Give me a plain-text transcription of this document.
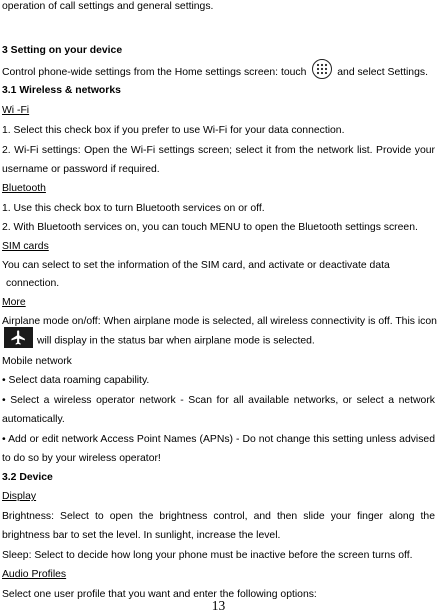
operation of call settings and general settings.
3 Setting on your device
Control phone-wide settings from the Home settings screen: touch	and select Settings.
3.1 Wireless & networks
Wi -Fi
1. Select this check box if you prefer to use Wi-Fi for your data connection.
2. Wi-Fi settings: Open the Wi-Fi settings screen; select it from the network list. Provide your
username or password if required.
Bluetooth
1. Use this check box to turn Bluetooth services on or off.
2. With Bluetooth services on, you can touch MENU to open the Bluetooth settings screen.
SIM cards
You can select to set the information of the SIM card, and activate or deactivate data
connection.
More
Airplane mode on/off: When airplane mode is selected, all wireless connectivity is off. This icon
will display in the status bar when airplane mode is selected.
Mobile network
• Select data roaming capability.
• Select a wireless operator network - Scan for all available networks, or select a network
automatically.
• Add or edit network Access Point Names (APNs) - Do not change this setting unless advised
to do so by your wireless operator!
3.2 Device
Display
Brightness: Select to open the brightness control, and then slide your finger along the
brightness bar to set the level. In sunlight, increase the level.
Sleep: Select to decide how long your phone must be inactive before the screen turns off.
Audio Profiles
Select one user profile that you want and enter the following options:
13
